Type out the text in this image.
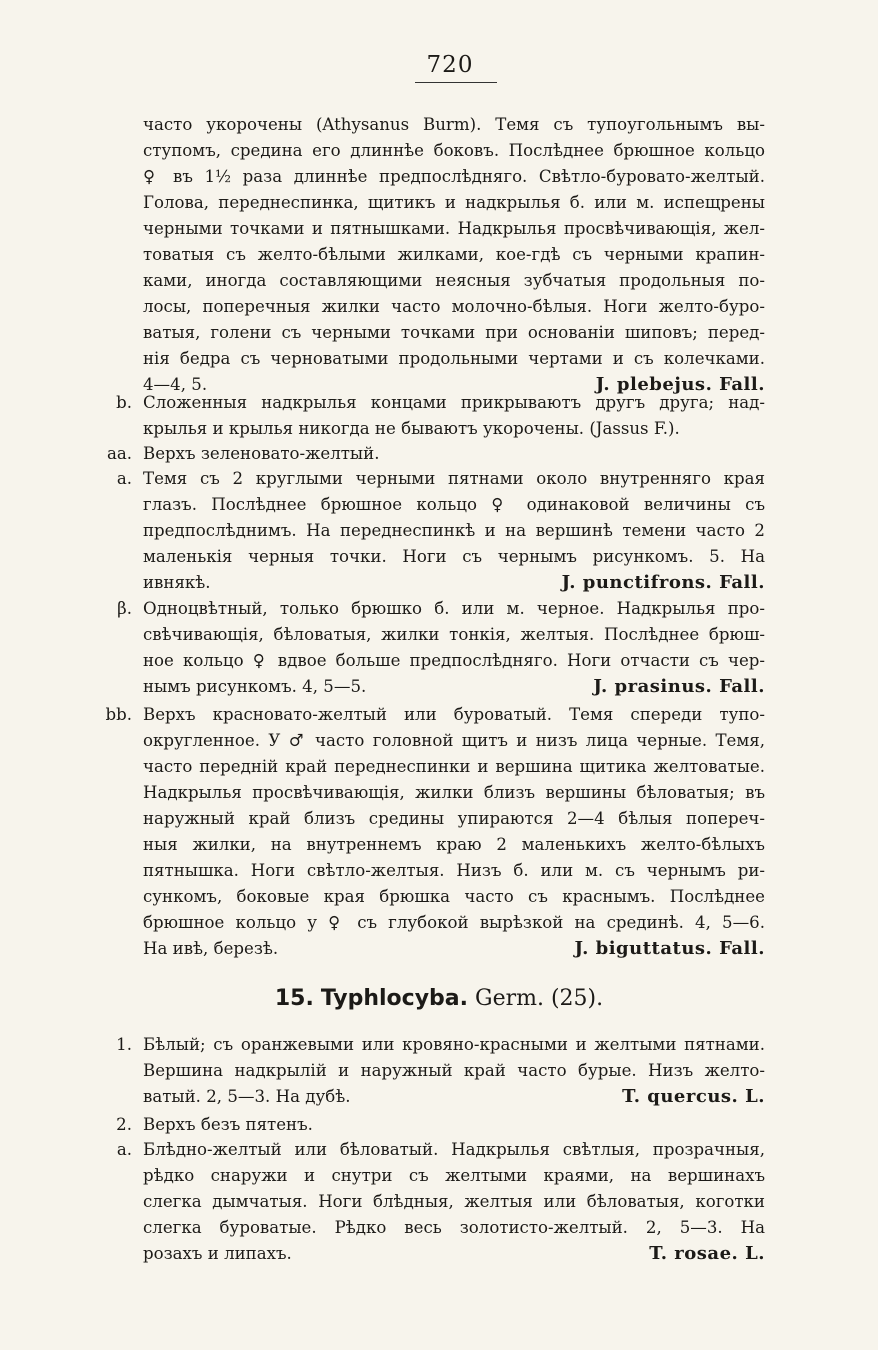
720
часто укорочены (Athysanus Burm). Темя съ тупоугольнымъ вы-
ступомъ, средина его длиннѣе боковъ. Послѣднее брюшное кольцо
♀ въ 1½ раза длиннѣе предпослѣдняго. Свѣтло-буровато-желтый.
Голова, переднеспинка, щитикъ и надкрылья б. или м. испещрены
черными точками и пятнышками. Надкрылья просвѣчивающія, жел-
товатыя съ желто-бѣлыми жилками, кое-гдѣ съ черными крапин-
ками, иногда составляющими неясныя зубчатыя продольныя по-
лосы, поперечныя жилки часто молочно-бѣлыя. Ноги желто-буро-
ватыя, голени съ черными точками при основаніи шиповъ; перед-
нія бедра съ черноватыми продольными чертами и съ колечками.
4—4, 5.	J. plebejus. Fall.
b. Сложенныя надкрылья концами прикрываютъ другъ друга; над-
крылья и крылья никогда не бываютъ укорочены. (Jassus F.).
aa. Верхъ зеленовато-желтый.
a. Темя съ 2 круглыми черными пятнами около внутренняго края
глазъ. Послѣднее брюшное кольцо ♀ одинаковой величины съ
предпослѣднимъ. На переднеспинкѣ и на вершинѣ темени часто 2
маленькія черныя точки. Ноги съ чернымъ рисункомъ. 5. На
ивнякѣ.	J. punctifrons. Fall.
β. Одноцвѣтный, только брюшко б. или м. черное. Надкрылья про-
свѣчивающія, бѣловатыя, жилки тонкія, желтыя. Послѣднее брюш-
ное кольцо ♀ вдвое больше предпослѣдняго. Ноги отчасти съ чер-
нымъ рисункомъ. 4, 5—5.	J. prasinus. Fall.
bb. Верхъ красновато-желтый или буроватый. Темя спереди тупо-
округленное. У ♂ часто головной щитъ и низъ лица черные. Темя,
часто передній край переднеспинки и вершина щитика желтоватые.
Надкрылья просвѣчивающія, жилки близъ вершины бѣловатыя; въ
наружный край близъ средины упираются 2—4 бѣлыя попереч-
ныя жилки, на внутреннемъ краю 2 маленькихъ желто-бѣлыхъ
пятнышка. Ноги свѣтло-желтыя. Низъ б. или м. съ чернымъ ри-
сункомъ, боковые края брюшка часто съ краснымъ. Послѣднее
брюшное кольцо у ♀ съ глубокой вырѣзкой на срединѣ. 4, 5—6.
На ивѣ, березѣ.	J. biguttatus. Fall.
1. Бѣлый; съ оранжевыми или кровяно-красными и желтыми пятнами.
Вершина надкрылій и наружный край часто бурые. Низъ желто-
ватый. 2, 5—3. На дубѣ.	T. quercus. L.
2. Верхъ безъ пятенъ.
a. Блѣдно-желтый или бѣловатый. Надкрылья свѣтлыя, прозрачныя,
рѣдко снаружи и снутри съ желтыми краями, на вершинахъ
слегка дымчатыя. Ноги блѣдныя, желтыя или бѣловатыя, коготки
слегка буроватые. Рѣдко весь золотисто-желтый. 2, 5—3. На
розахъ и липахъ.	T. rosae. L.
15. Typhlocyba. Germ. (25).
